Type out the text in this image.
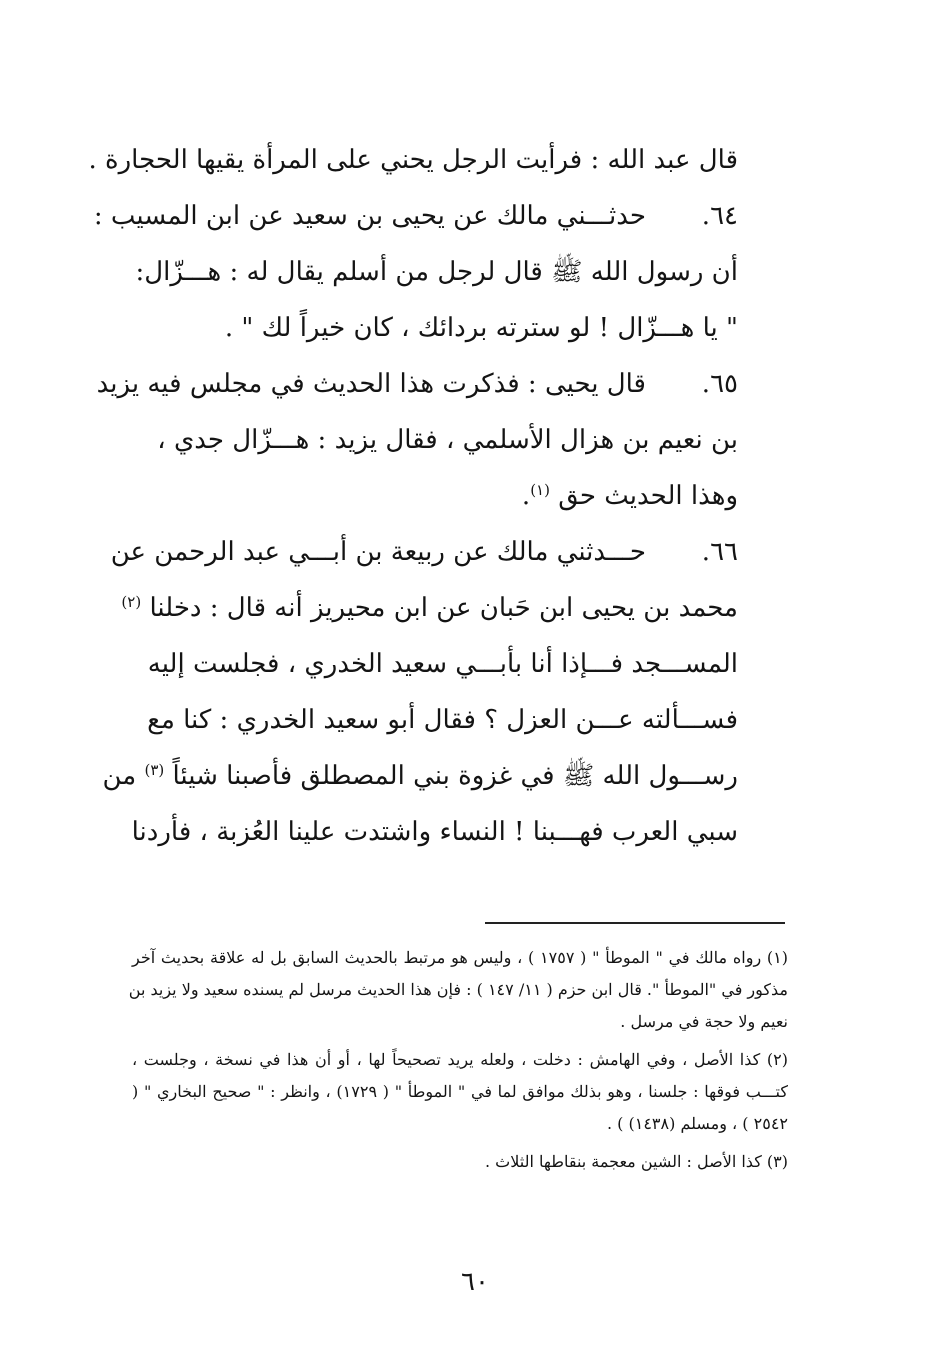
قال عبد الله : فرأيت الرجل يحني على المرأة يقيها الحجارة .
٦٤.حدثـــني مالك عن يحيى بن سعيد عن ابن المسيب :
أن رسول الله ﷺ قال لرجل من أسلم يقال له : هـــزّال:
" يا هـــزّال ! لو سترته بردائك ، كان خيراً لك " .
٦٥.قال يحيى : فذكرت هذا الحديث في مجلس فيه يزيد
بن نعيم بن هزال الأسلمي ، فقال يزيد : هـــزّال جدي ،
وهذا الحديث حق $^{(١)}$.
٦٦.حـــدثني مالك عن ربيعة بن أبـــي عبد الرحمن عن
محمد بن يحيى ابن حَبان عن ابن محيريز أنه قال : دخلنا $^{(٢)}$
المســـجد فـــإذا أنا بأبـــي سعيد الخدري ، فجلست إليه
فســـألته عـــن العزل ؟ فقال أبو سعيد الخدري : كنا مع
رســـول الله ﷺ في غزوة بني المصطلق فأصبنا شيئاً $^{(٣)}$ من
سبي العرب فهـــبنا ! النساء واشتدت علينا العُزبة ، فأردنا
(١) رواه مالك في " الموطأ " ( ١٧٥٧ ) ، وليس هو مرتبط بالحديث السابق بل له علاقة بحديث آخر
مذكور في "الموطأ ". قال ابن حزم ( ١١/ ١٤٧ ) : فإن هذا الحديث مرسل لم يسنده سعيد ولا يزيد بن
نعيم ولا حجة في مرسل .
(٢) كذا الأصل ، وفي الهامش : دخلت ، ولعله يريد تصحيحاً لها ، أو أن هذا في نسخة ، وجلست ،
كتـــب فوقها : جلسنا ، وهو بذلك موافق لما في " الموطأ " ( ١٧٢٩) ، وانظر : " صحيح البخاري " (
٢٥٤٢ ) ، ومسلم (١٤٣٨) ) .
(٣) كذا الأصل : الشين معجمة بنقاطها الثلاث .
٦٠
